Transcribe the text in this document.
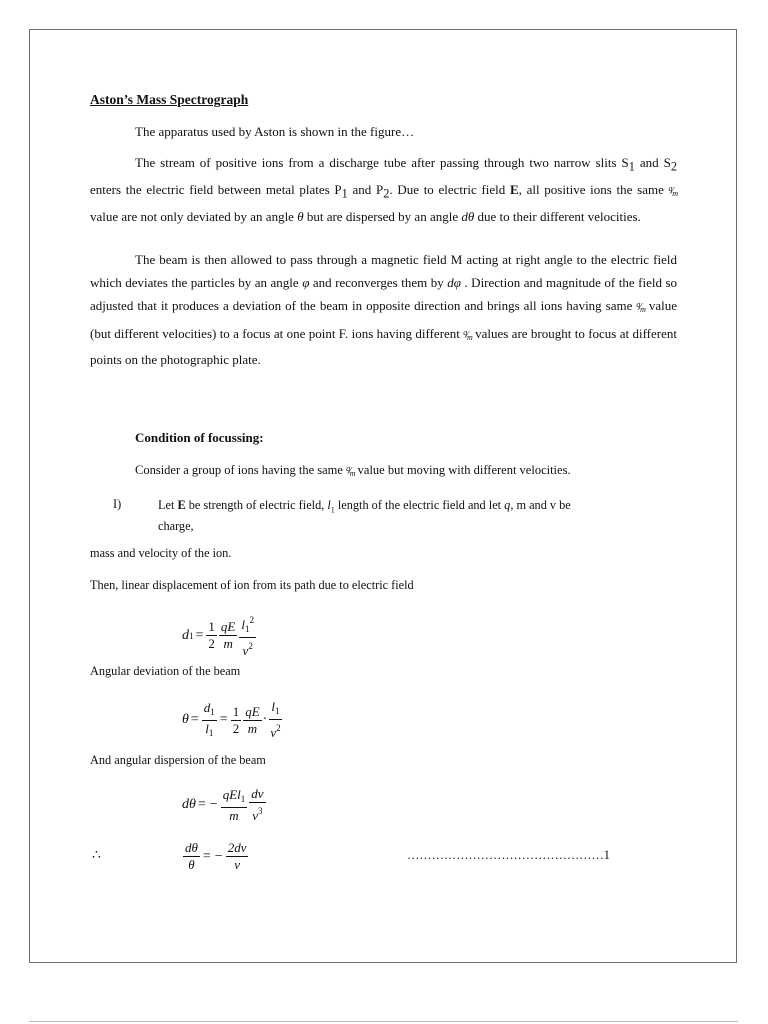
Aston’s Mass Spectrograph

The apparatus used by Aston is shown in the figure…

The stream of positive ions from a discharge tube after passing through two narrow slits $S_1$ and $S_2$ enters the electric field between metal plates $P_1$ and $P_2$. Due to electric field E, all positive ions the same $^q⁄_m$ value are not only deviated by an angle θ but are dispersed by an angle dθ due to their different velocities.

The beam is then allowed to pass through a magnetic field M acting at right angle to the electric field which deviates the particles by an angle φ and reconverges them by dφ . Direction and magnitude of the field so adjusted that it produces a deviation of the beam in opposite direction and brings all ions having same $^q⁄_m$ value (but different velocities) to a focus at one point F. ions having different $^q⁄_m$ values are brought to focus at different points on the photographic plate.

Condition of focussing:
Consider a group of ions having the same $^q⁄_m$ value but moving with different velocities.
I)	Let E be strength of electric field, $l_1$ length of the electric field and let q, m and v be
charge,
mass and velocity of the ion.
Then, linear displacement of ion from its path due to electric field
d $1 = \frac{1}{2}$ qE
m
$l_1^2$
$v^2$
Angular deviation of the beam
$\theta = \frac{d_1}{l_1} = \frac{1}{2}$ qE
m
·
$l_1$
$v^2$
And angular dispersion of the beam
dθ = −
qEl$_1$
m
dv
$v^3$
∴	$\frac{d\theta}{\theta}$ = − $\frac{2dv}{v}$	…………………………………………1
